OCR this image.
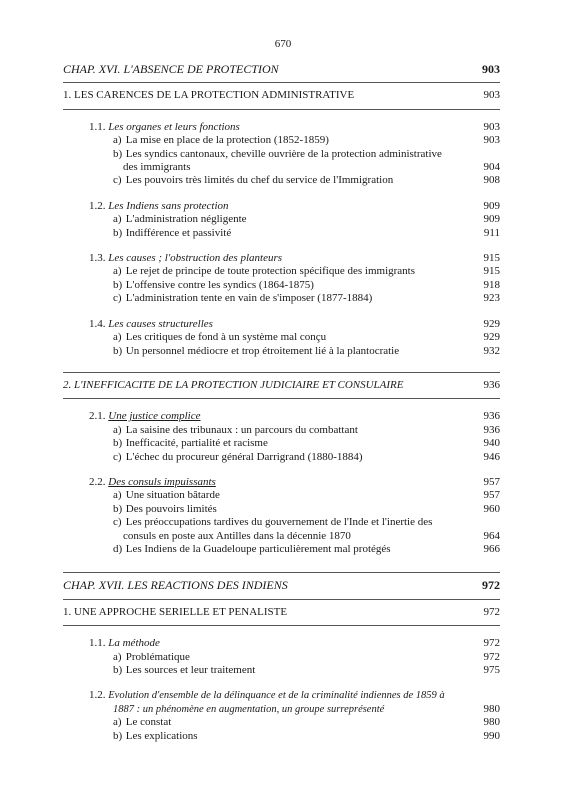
670
CHAP. XVI. L'ABSENCE DE PROTECTION	903
1. LES CARENCES DE LA PROTECTION ADMINISTRATIVE	903
1.1. Les organes et leurs fonctions	903
a) La mise en place de la protection (1852-1859)	903
b) Les syndics cantonaux, cheville ouvrière de la protection administrative
des immigrants	904
c) Les pouvoirs très limités du chef du service de l'Immigration	908
1.2. Les Indiens sans protection	909
a) L'administration négligente	909
b) Indifférence et passivité	911
1.3. Les causes ; l'obstruction des planteurs	915
a) Le rejet de principe de toute protection spécifique des immigrants	915
b) L'offensive contre les syndics (1864-1875)	918
c) L'administration tente en vain de s'imposer (1877-1884)	923
1.4. Les causes structurelles	929
a) Les critiques de fond à un système mal conçu	929
b) Un personnel médiocre et trop étroitement lié à la plantocratie	932
2. L'INEFFICACITE DE LA PROTECTION JUDICIAIRE ET CONSULAIRE	936
2.1. Une justice complice	936
a) La saisine des tribunaux : un parcours du combattant	936
b) Inefficacité, partialité et racisme	940
c) L'échec du procureur général Darrigrand (1880-1884)	946
2.2. Des consuls impuissants	957
a) Une situation bâtarde	957
b) Des pouvoirs limités	960
c) Les préoccupations tardives du gouvernement de l'Inde et l'inertie des
consuls en poste aux Antilles dans la décennie 1870	964
d) Les Indiens de la Guadeloupe particulièrement mal protégés	966
CHAP. XVII. LES REACTIONS DES INDIENS	972
1. UNE APPROCHE SERIELLE ET PENALISTE	972
1.1. La méthode	972
a) Problématique	972
b) Les sources et leur traitement	975
1.2. Evolution d'ensemble de la délinquance et de la criminalité indiennes de 1859 à
1887 : un phénomène en augmentation, un groupe surreprésenté	980
a) Le constat	980
b) Les explications	990
